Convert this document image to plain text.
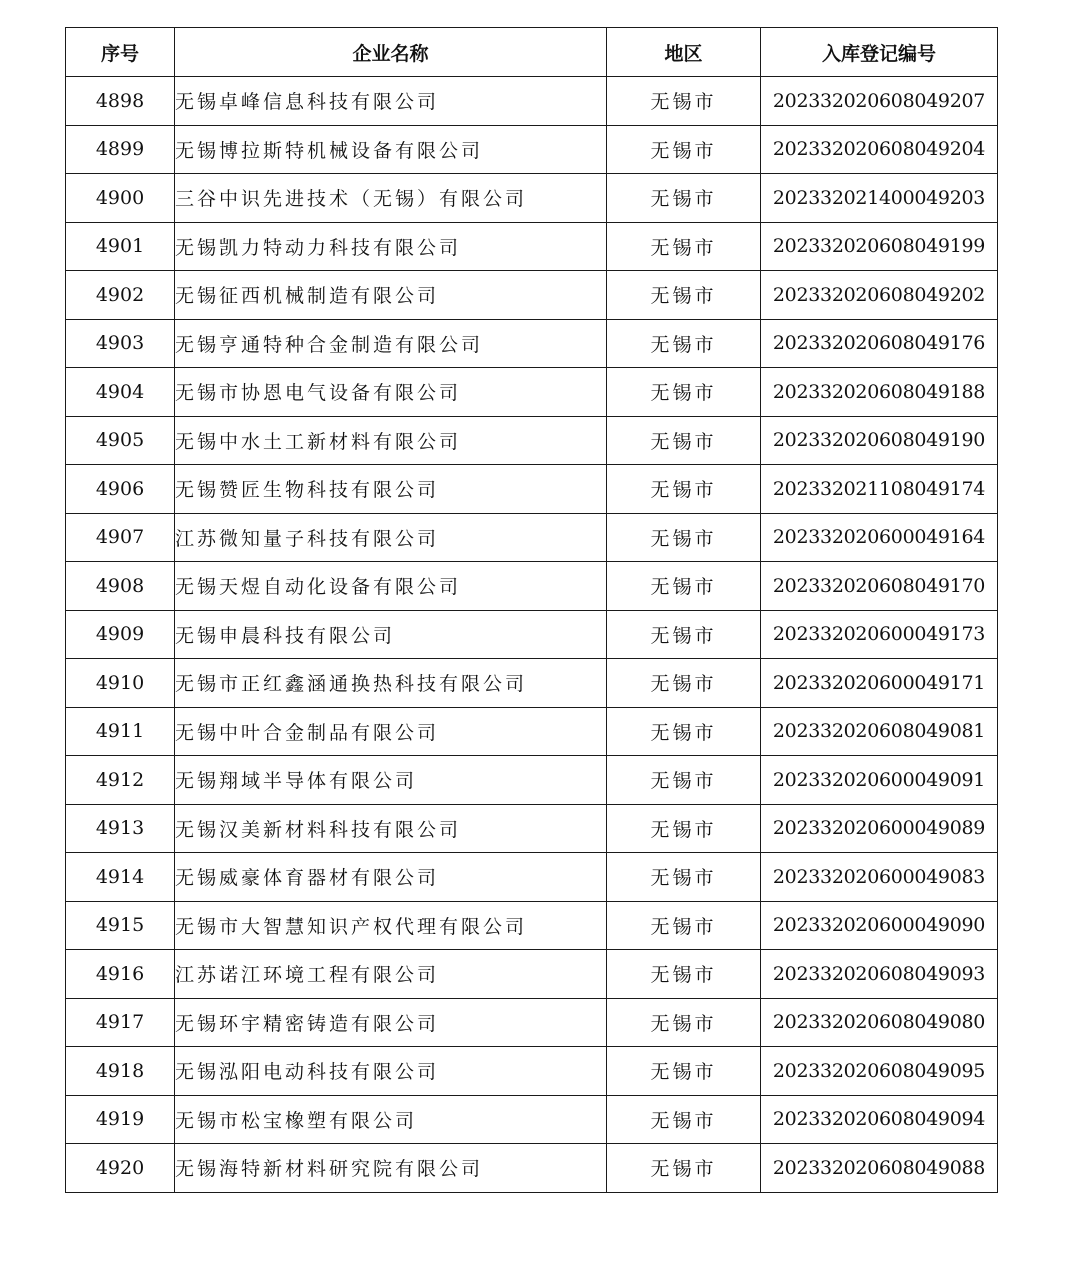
序号	企业名称	地区	入库登记编号
4898	无锡卓峰信息科技有限公司	无锡市	202332020608049207
4899	无锡博拉斯特机械设备有限公司	无锡市	202332020608049204
4900	三谷中识先进技术（无锡）有限公司	无锡市	202332021400049203
4901	无锡凯力特动力科技有限公司	无锡市	202332020608049199
4902	无锡征西机械制造有限公司	无锡市	202332020608049202
4903	无锡亨通特种合金制造有限公司	无锡市	202332020608049176
4904	无锡市协恩电气设备有限公司	无锡市	202332020608049188
4905	无锡中水土工新材料有限公司	无锡市	202332020608049190
4906	无锡赞匠生物科技有限公司	无锡市	202332021108049174
4907	江苏微知量子科技有限公司	无锡市	202332020600049164
4908	无锡天煜自动化设备有限公司	无锡市	202332020608049170
4909	无锡申晨科技有限公司	无锡市	202332020600049173
4910	无锡市正红鑫涵通换热科技有限公司	无锡市	202332020600049171
4911	无锡中叶合金制品有限公司	无锡市	202332020608049081
4912	无锡翔域半导体有限公司	无锡市	202332020600049091
4913	无锡汉美新材料科技有限公司	无锡市	202332020600049089
4914	无锡威豪体育器材有限公司	无锡市	202332020600049083
4915	无锡市大智慧知识产权代理有限公司	无锡市	202332020600049090
4916	江苏诺江环境工程有限公司	无锡市	202332020608049093
4917	无锡环宇精密铸造有限公司	无锡市	202332020608049080
4918	无锡泓阳电动科技有限公司	无锡市	202332020608049095
4919	无锡市松宝橡塑有限公司	无锡市	202332020608049094
4920	无锡海特新材料研究院有限公司	无锡市	202332020608049088
